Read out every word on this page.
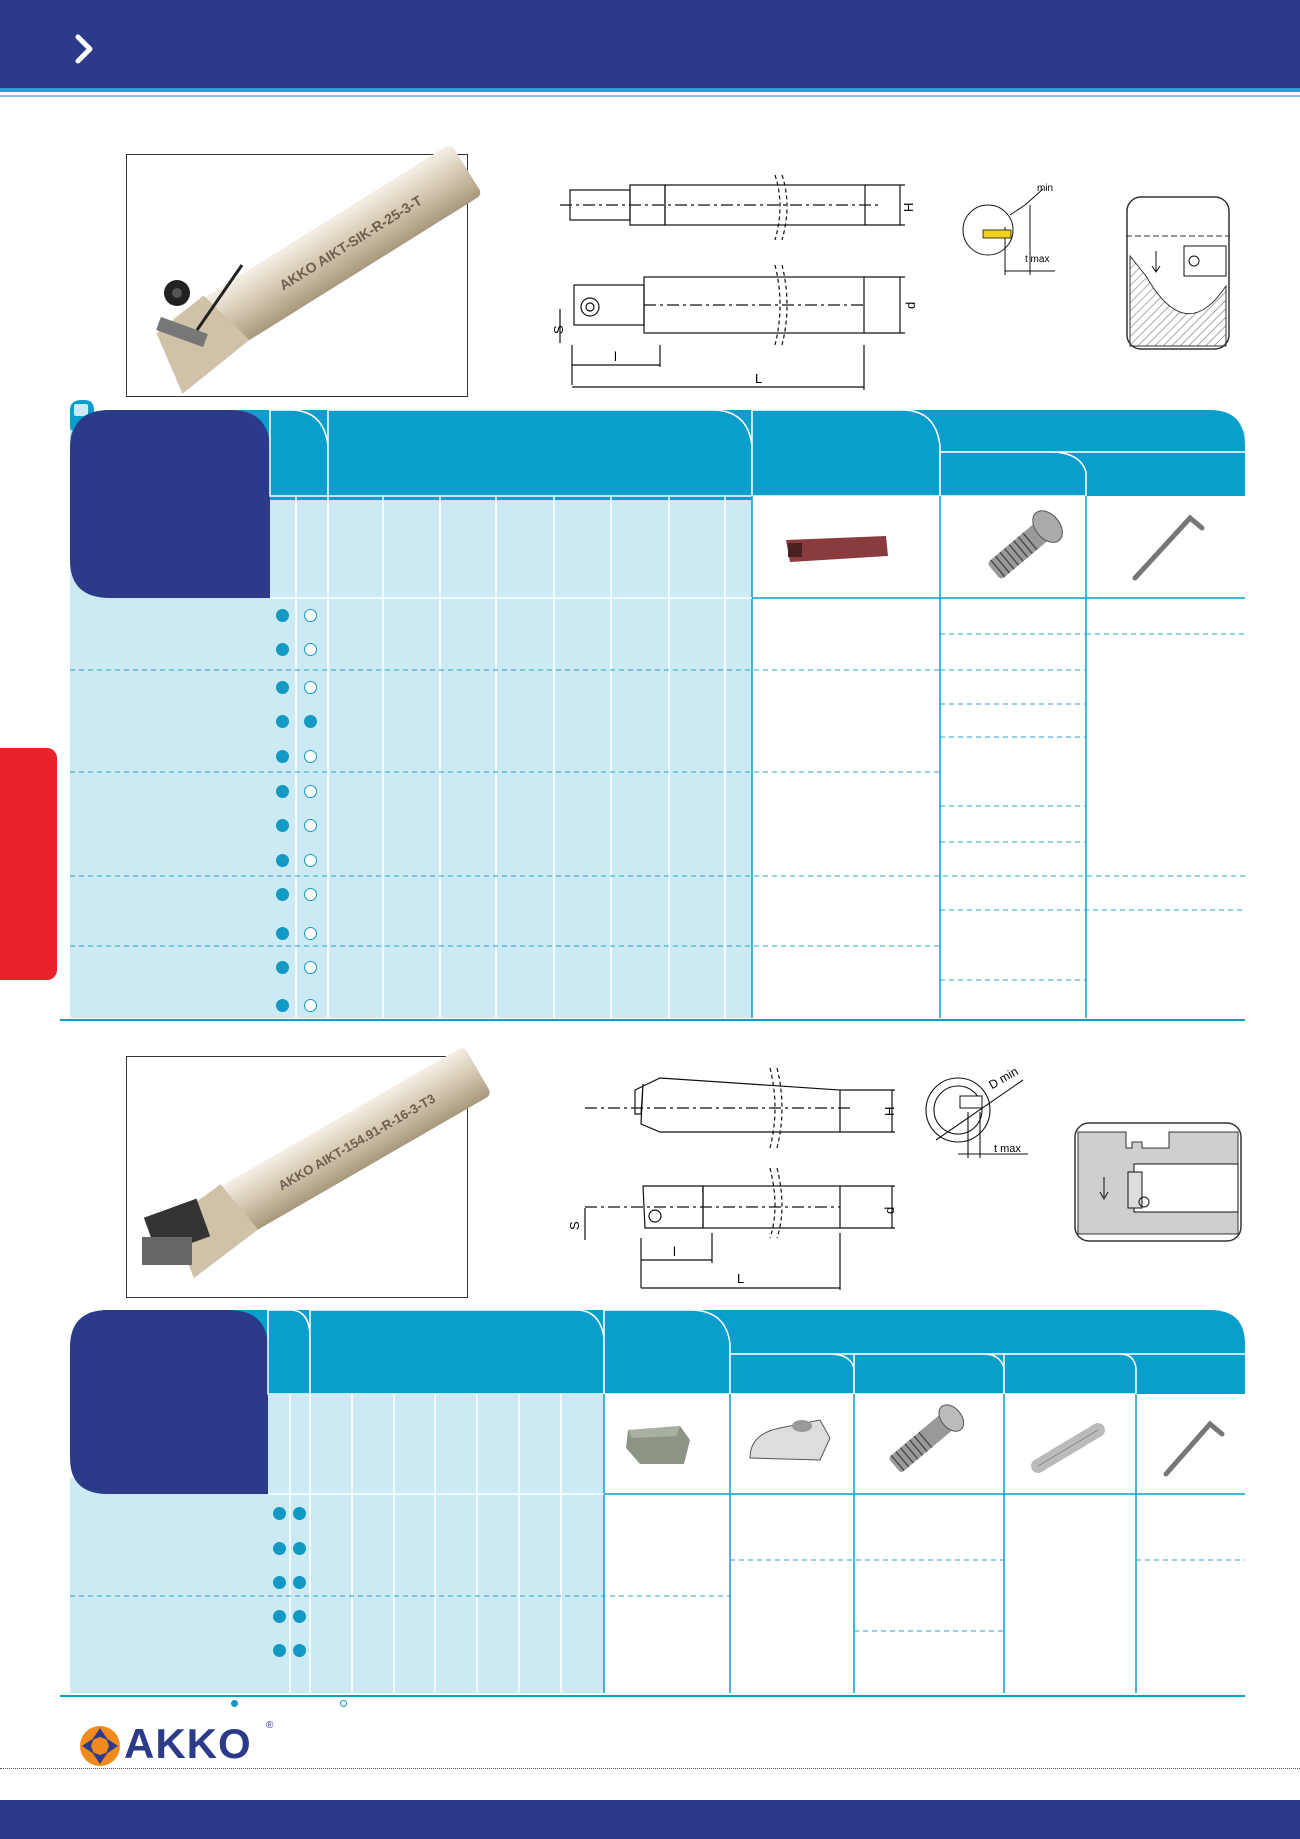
AKKO AIKT-SIK-R-25-3-T	H
d
S
l
L
min
t max
AKKO AIKT-154.91-R-16-3-T3	H
d
S
l
L
D min
t max
AKKO ®
